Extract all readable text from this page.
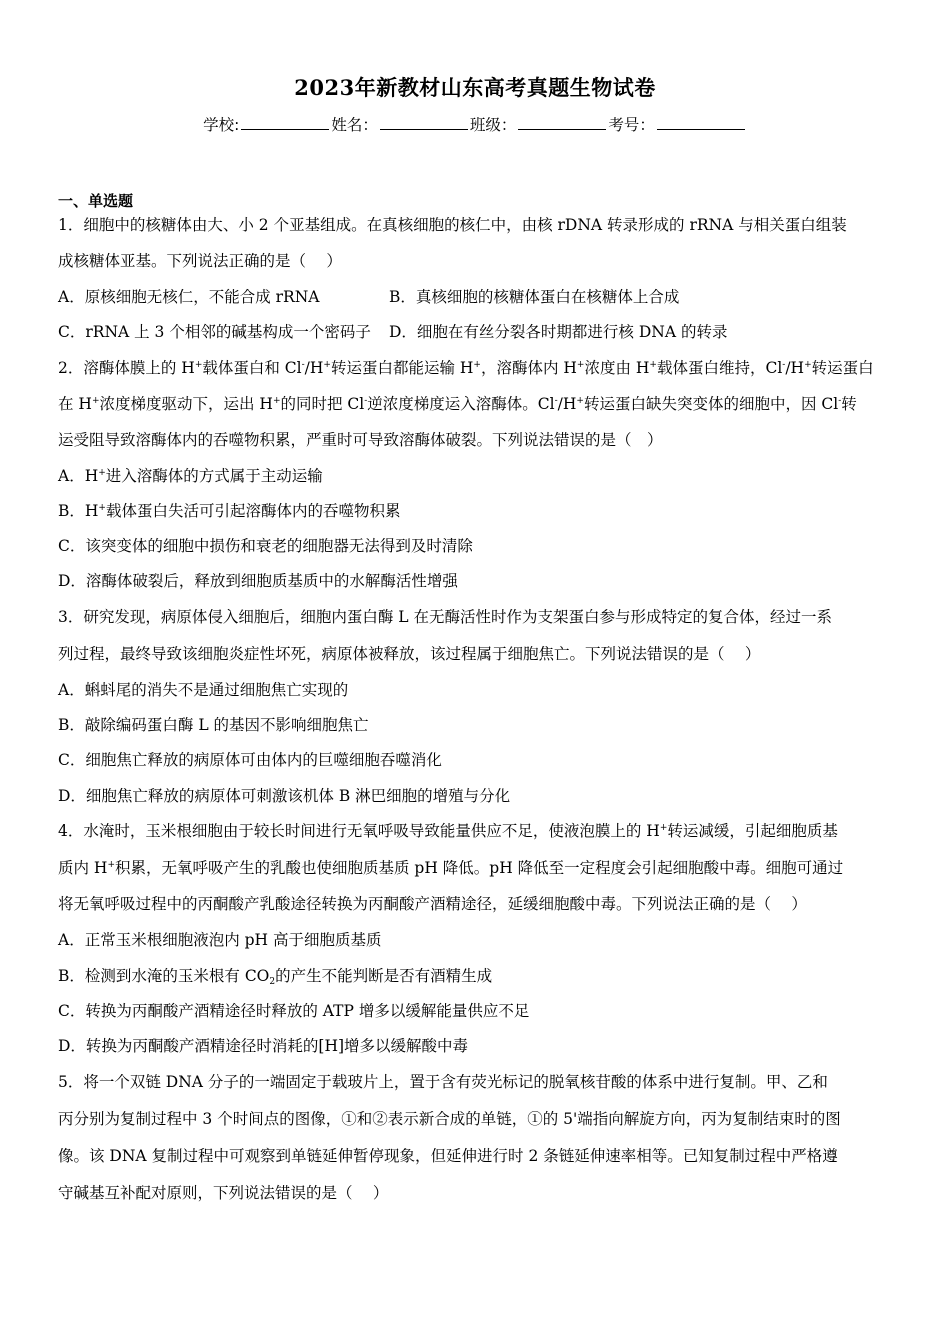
2023年新教材山东高考真题生物试卷
学校:	姓名：	班级：	考号：
一、单选题
1．细胞中的核糖体由大、小 2 个亚基组成。在真核细胞的核仁中，由核 rDNA 转录形成的 rRNA 与相关蛋白组装
成核糖体亚基。下列说法正确的是（　 ）
A．原核细胞无核仁，不能合成 rRNA	B．真核细胞的核糖体蛋白在核糖体上合成
C．rRNA 上 3 个相邻的碱基构成一个密码子 D．细胞在有丝分裂各时期都进行核 DNA 的转录
2．溶酶体膜上的 H+载体蛋白和 Cl-/H+转运蛋白都能运输 H+，溶酶体内 H+浓度由 H+载体蛋白维持，Cl-/H+转运蛋白
在 H+浓度梯度驱动下，运出 H+的同时把 Cl-逆浓度梯度运入溶酶体。Cl-/H+转运蛋白缺失突变体的细胞中，因 Cl-转
运受阻导致溶酶体内的吞噬物积累，严重时可导致溶酶体破裂。下列说法错误的是（　）
A．H+进入溶酶体的方式属于主动运输
B．H+载体蛋白失活可引起溶酶体内的吞噬物积累
C．该突变体的细胞中损伤和衰老的细胞器无法得到及时清除
D．溶酶体破裂后，释放到细胞质基质中的水解酶活性增强
3．研究发现，病原体侵入细胞后，细胞内蛋白酶 L 在无酶活性时作为支架蛋白参与形成特定的复合体，经过一系
列过程，最终导致该细胞炎症性坏死，病原体被释放，该过程属于细胞焦亡。下列说法错误的是（　 ）
A．蝌蚪尾的消失不是通过细胞焦亡实现的
B．敲除编码蛋白酶 L 的基因不影响细胞焦亡
C．细胞焦亡释放的病原体可由体内的巨噬细胞吞噬消化
D．细胞焦亡释放的病原体可刺激该机体 B 淋巴细胞的增殖与分化
4．水淹时，玉米根细胞由于较长时间进行无氧呼吸导致能量供应不足，使液泡膜上的 H+转运减缓，引起细胞质基
质内 H+积累，无氧呼吸产生的乳酸也使细胞质基质 pH 降低。pH 降低至一定程度会引起细胞酸中毒。细胞可通过
将无氧呼吸过程中的丙酮酸产乳酸途径转换为丙酮酸产酒精途径，延缓细胞酸中毒。下列说法正确的是（　 ）
A．正常玉米根细胞液泡内 pH 高于细胞质基质
B．检测到水淹的玉米根有 $CO_2$的产生不能判断是否有酒精生成
C．转换为丙酮酸产酒精途径时释放的 ATP 增多以缓解能量供应不足
D．转换为丙酮酸产酒精途径时消耗的[H]增多以缓解酸中毒
5．将一个双链 DNA 分子的一端固定于载玻片上，置于含有荧光标记的脱氧核苷酸的体系中进行复制。甲、乙和
丙分别为复制过程中 3 个时间点的图像，①和②表示新合成的单链，①的 5'端指向解旋方向，丙为复制结束时的图
像。该 DNA 复制过程中可观察到单链延伸暂停现象，但延伸进行时 2 条链延伸速率相等。已知复制过程中严格遵
守碱基互补配对原则，下列说法错误的是（　 ）
